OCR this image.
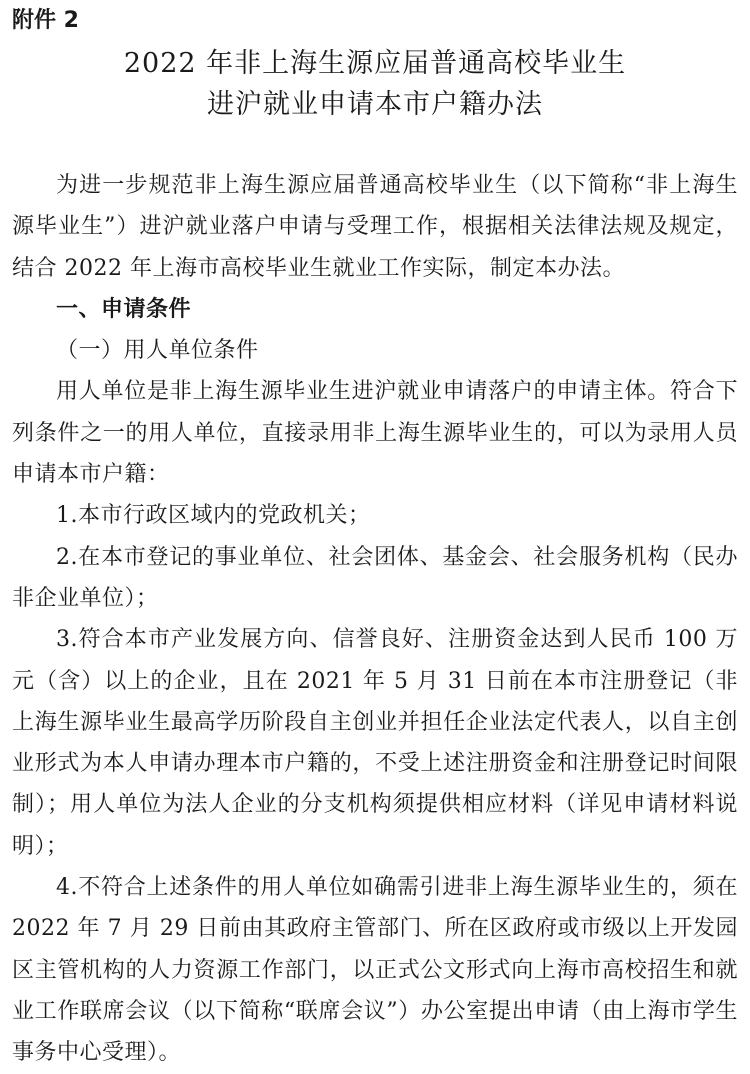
附件 2
2022 年非上海生源应届普通高校毕业生
进沪就业申请本市户籍办法

为进一步规范非上海生源应届普通高校毕业生（以下简称“非上海生源毕业生”）进沪就业落户申请与受理工作，根据相关法律法规及规定，结合 2022 年上海市高校毕业生就业工作实际，制定本办法。

一、申请条件

（一）用人单位条件

用人单位是非上海生源毕业生进沪就业申请落户的申请主体。符合下列条件之一的用人单位，直接录用非上海生源毕业生的，可以为录用人员申请本市户籍：

1.本市行政区域内的党政机关；

2.在本市登记的事业单位、社会团体、基金会、社会服务机构（民办非企业单位）；

3.符合本市产业发展方向、信誉良好、注册资金达到人民币 100 万元（含）以上的企业，且在 2021 年 5 月 31 日前在本市注册登记（非上海生源毕业生最高学历阶段自主创业并担任企业法定代表人，以自主创业形式为本人申请办理本市户籍的，不受上述注册资金和注册登记时间限制）；用人单位为法人企业的分支机构须提供相应材料（详见申请材料说明）；

4.不符合上述条件的用人单位如确需引进非上海生源毕业生的，须在 2022 年 7 月 29 日前由其政府主管部门、所在区政府或市级以上开发园区主管机构的人力资源工作部门，以正式公文形式向上海市高校招生和就业工作联席会议（以下简称“联席会议”）办公室提出申请（由上海市学生事务中心受理）。
